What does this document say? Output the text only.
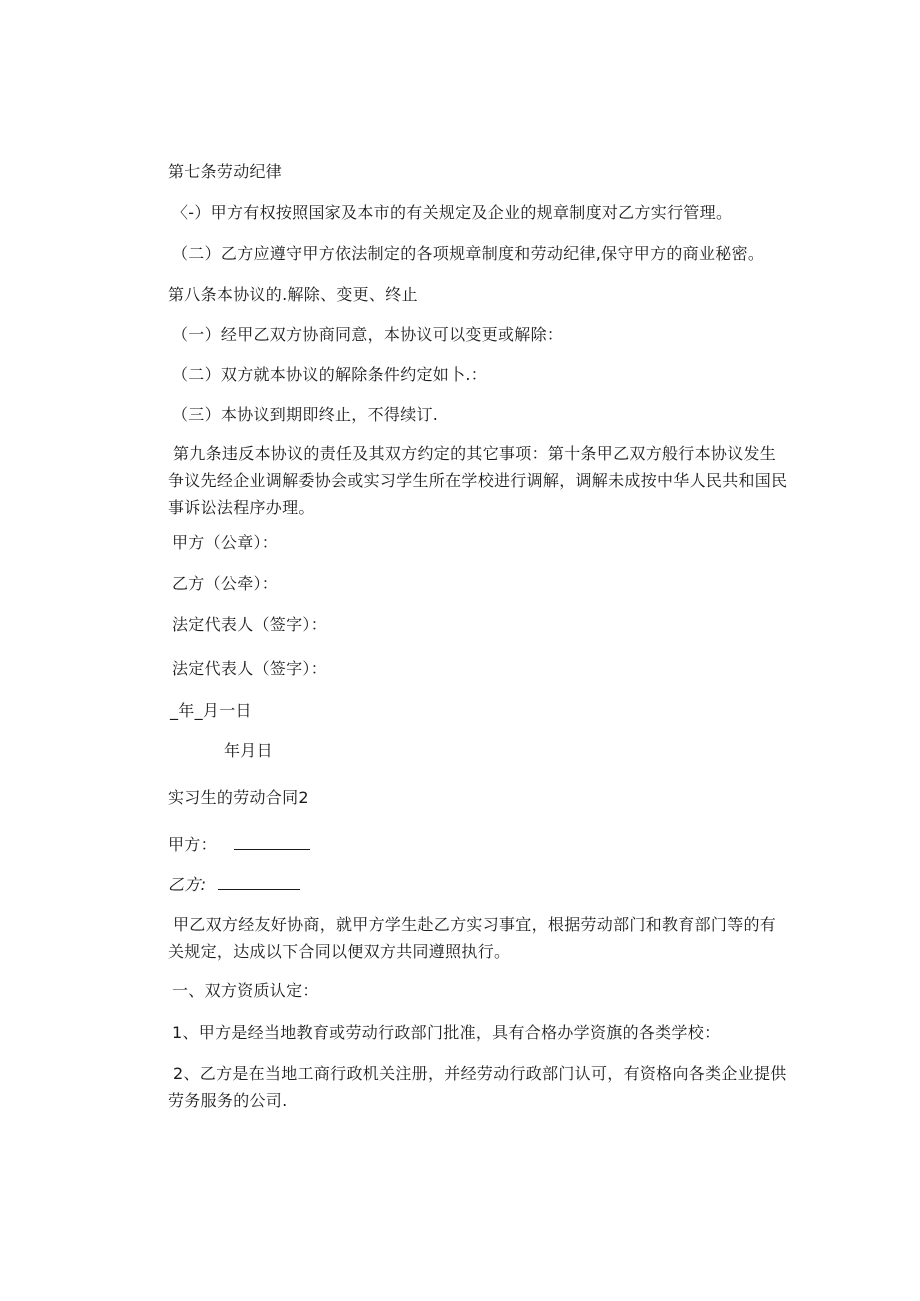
第七条劳动纪律
〈-）甲方有权按照国家及本市的有关规定及企业的规章制度对乙方实行管理。
（二）乙方应遵守甲方依法制定的各项规章制度和劳动纪律,保守甲方的商业秘密。
第八条本协议的.解除、变更、终止
（一）经甲乙双方协商同意，本协议可以变更或解除：
（二）双方就本协议的解除条件约定如卜.：
（三）本协议到期即终止，不得续订.
第九条违反本协议的责任及其双方约定的其它事项：第十条甲乙双方般行本协议发生争议先经企业调解委协会或实习学生所在学校进行调解，调解未成按中华人民共和国民事诉讼法程序办理。
甲方（公章）：
乙方（公牵）：
法定代表人（签字）：
法定代表人（签字）：
_年_月一日
年月日
实习生的劳动合同2
甲方：
乙方:
甲乙双方经友好协商，就甲方学生赴乙方实习事宜，根据劳动部门和教育部门等的有关规定，达成以下合同以便双方共同遵照执行。
一、双方资质认定：
1、甲方是经当地教育或劳动行政部门批准，具有合格办学资旗的各类学校：
2、乙方是在当地工商行政机关注册，并经劳动行政部门认可，有资格向各类企业提供劳务服务的公司.
